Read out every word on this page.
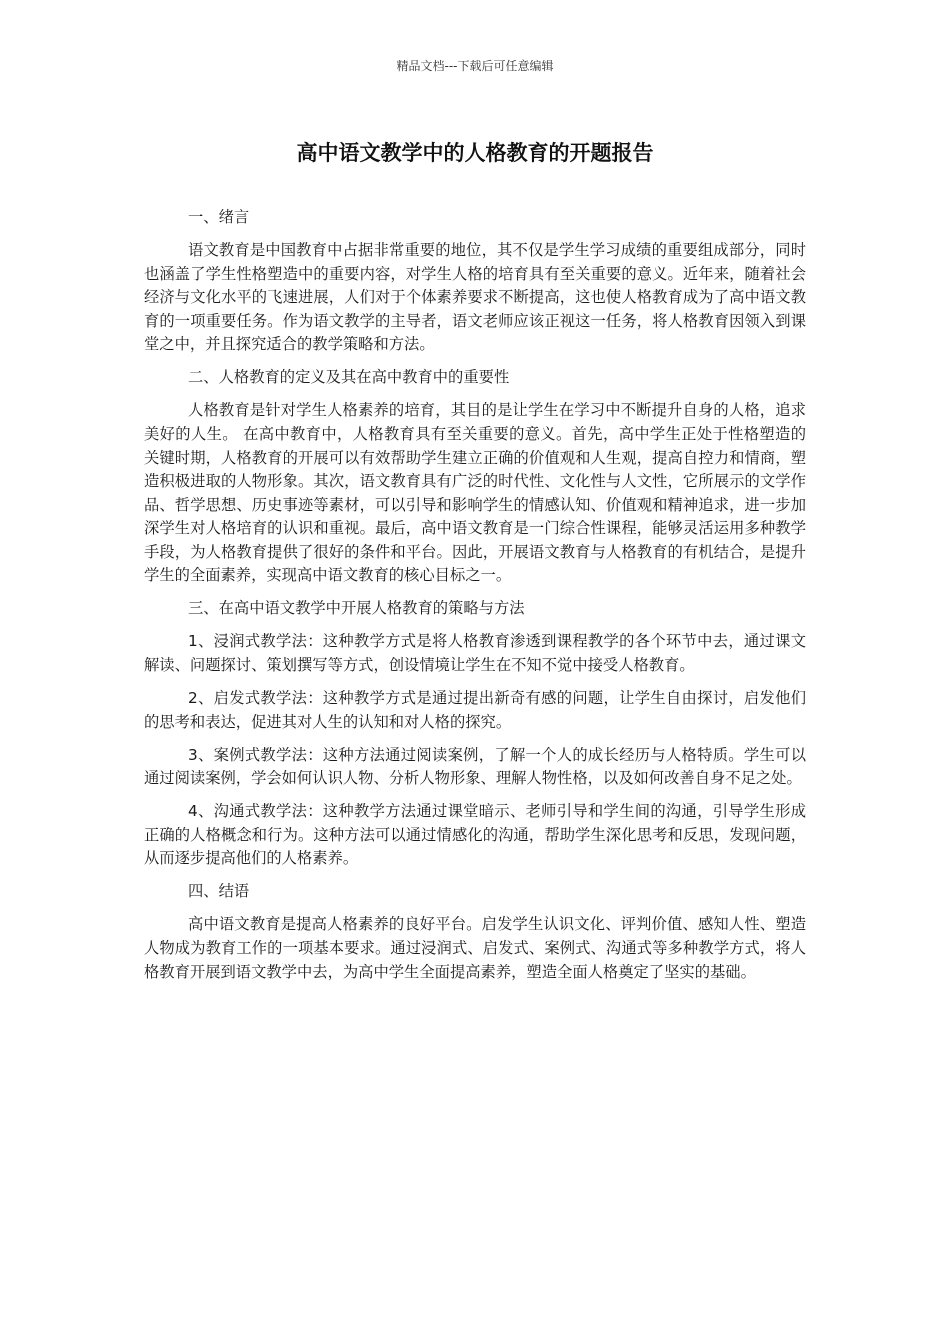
精品文档---下载后可任意编辑
高中语文教学中的人格教育的开题报告

一、绪言

语文教育是中国教育中占据非常重要的地位，其不仅是学生学习成绩的重要组成部分，同时也涵盖了学生性格塑造中的重要内容，对学生人格的培育具有至关重要的意义。近年来，随着社会经济与文化水平的飞速进展，人们对于个体素养要求不断提高，这也使人格教育成为了高中语文教育的一项重要任务。作为语文教学的主导者，语文老师应该正视这一任务，将人格教育因领入到课堂之中，并且探究适合的教学策略和方法。

二、人格教育的定义及其在高中教育中的重要性

人格教育是针对学生人格素养的培育，其目的是让学生在学习中不断提升自身的人格，追求美好的人生。 在高中教育中，人格教育具有至关重要的意义。首先，高中学生正处于性格塑造的关键时期，人格教育的开展可以有效帮助学生建立正确的价值观和人生观，提高自控力和情商，塑造积极进取的人物形象。其次，语文教育具有广泛的时代性、文化性与人文性，它所展示的文学作品、哲学思想、历史事迹等素材，可以引导和影响学生的情感认知、价值观和精神追求，进一步加深学生对人格培育的认识和重视。最后，高中语文教育是一门综合性课程，能够灵活运用多种教学手段，为人格教育提供了很好的条件和平台。因此，开展语文教育与人格教育的有机结合，是提升学生的全面素养，实现高中语文教育的核心目标之一。

三、在高中语文教学中开展人格教育的策略与方法

1、浸润式教学法：这种教学方式是将人格教育渗透到课程教学的各个环节中去，通过课文解读、问题探讨、策划撰写等方式，创设情境让学生在不知不觉中接受人格教育。

2、启发式教学法：这种教学方式是通过提出新奇有感的问题，让学生自由探讨，启发他们的思考和表达，促进其对人生的认知和对人格的探究。

3、案例式教学法：这种方法通过阅读案例，了解一个人的成长经历与人格特质。学生可以通过阅读案例，学会如何认识人物、分析人物形象、理解人物性格，以及如何改善自身不足之处。

4、沟通式教学法：这种教学方法通过课堂暗示、老师引导和学生间的沟通，引导学生形成正确的人格概念和行为。这种方法可以通过情感化的沟通，帮助学生深化思考和反思，发现问题，从而逐步提高他们的人格素养。

四、结语

高中语文教育是提高人格素养的良好平台。启发学生认识文化、评判价值、感知人性、塑造人物成为教育工作的一项基本要求。通过浸润式、启发式、案例式、沟通式等多种教学方式，将人格教育开展到语文教学中去，为高中学生全面提高素养，塑造全面人格奠定了坚实的基础。
